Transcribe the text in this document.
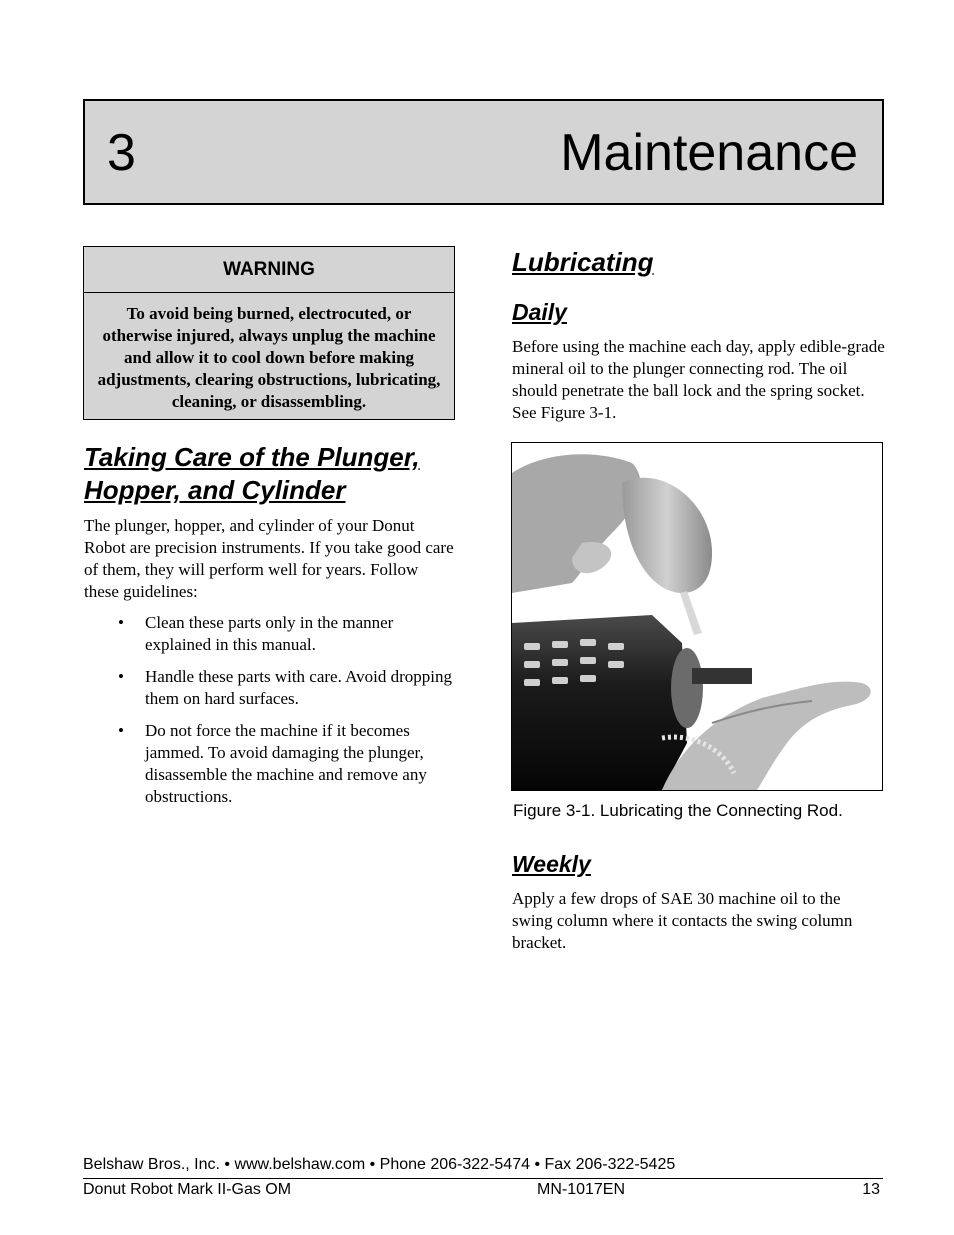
3	Maintenance
WARNING
To avoid being burned, electrocuted, or otherwise injured, always unplug the machine and allow it to cool down before making adjustments, clearing obstructions, lubricating, cleaning, or disassembling.
Taking Care of the Plunger,
Hopper, and Cylinder

The plunger, hopper, and cylinder of your Donut Robot are precision instruments. If you take good care of them, they will perform well for years. Follow these guidelines:

• Clean these parts only in the manner explained in this manual.
• Handle these parts with care. Avoid dropping them on hard surfaces.
• Do not force the machine if it becomes jammed. To avoid damaging the plunger, disassemble the machine and remove any obstructions.
Lubricating
Daily

Before using the machine each day, apply edible-grade mineral oil to the plunger connecting rod. The oil should penetrate the ball lock and the spring socket. See Figure 3-1.

Figure 3-1. Lubricating the Connecting Rod.

Weekly

Apply a few drops of SAE 30 machine oil to the swing column where it contacts the swing column bracket.

Belshaw Bros., Inc. • www.belshaw.com • Phone 206-322-5474 • Fax 206-322-5425
Donut Robot Mark II-Gas OM	MN-1017EN	13
